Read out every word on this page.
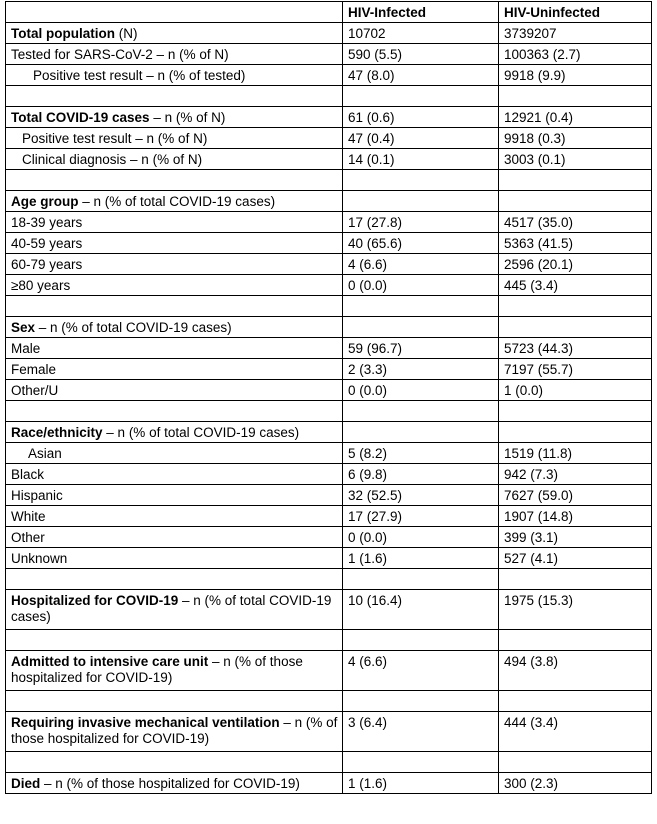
	HIV-Infected	HIV-Uninfected

Total population (N)	10702	3739207

Tested for SARS-CoV-2 – n (% of N)	590 (5.5)	100363 (2.7)

Positive test result – n (% of tested)	47 (8.0)	9918 (9.9)

Total COVID-19 cases – n (% of N)	61 (0.6)	12921 (0.4)

Positive test result – n (% of N)	47 (0.4)	9918 (0.3)

Clinical diagnosis – n (% of N)	14 (0.1)	3003 (0.1)

Age group – n (% of total COVID-19 cases)		

18-39 years	17 (27.8)	4517 (35.0)

40-59 years	40 (65.6)	5363 (41.5)

60-79 years	4 (6.6)	2596 (20.1)

≥80 years	0 (0.0)	445 (3.4)

Sex – n (% of total COVID-19 cases)		

Male	59 (96.7)	5723 (44.3)

Female	2 (3.3)	7197 (55.7)

Other/U	0 (0.0)	1 (0.0)

Race/ethnicity – n (% of total COVID-19 cases)		

Asian	5 (8.2)	1519 (11.8)

Black	6 (9.8)	942 (7.3)

Hispanic	32 (52.5)	7627 (59.0)

White	17 (27.9)	1907 (14.8)

Other	0 (0.0)	399 (3.1)

Unknown	1 (1.6)	527 (4.1)

Hospitalized for COVID-19 – n (% of total COVID-19 cases)	10 (16.4)	1975 (15.3)

Admitted to intensive care unit – n (% of those hospitalized for COVID-19)	4 (6.6)	494 (3.8)

Requiring invasive mechanical ventilation – n (% of those hospitalized for COVID-19)	3 (6.4)	444 (3.4)

Died – n (% of those hospitalized for COVID-19)	1 (1.6)	300 (2.3)
